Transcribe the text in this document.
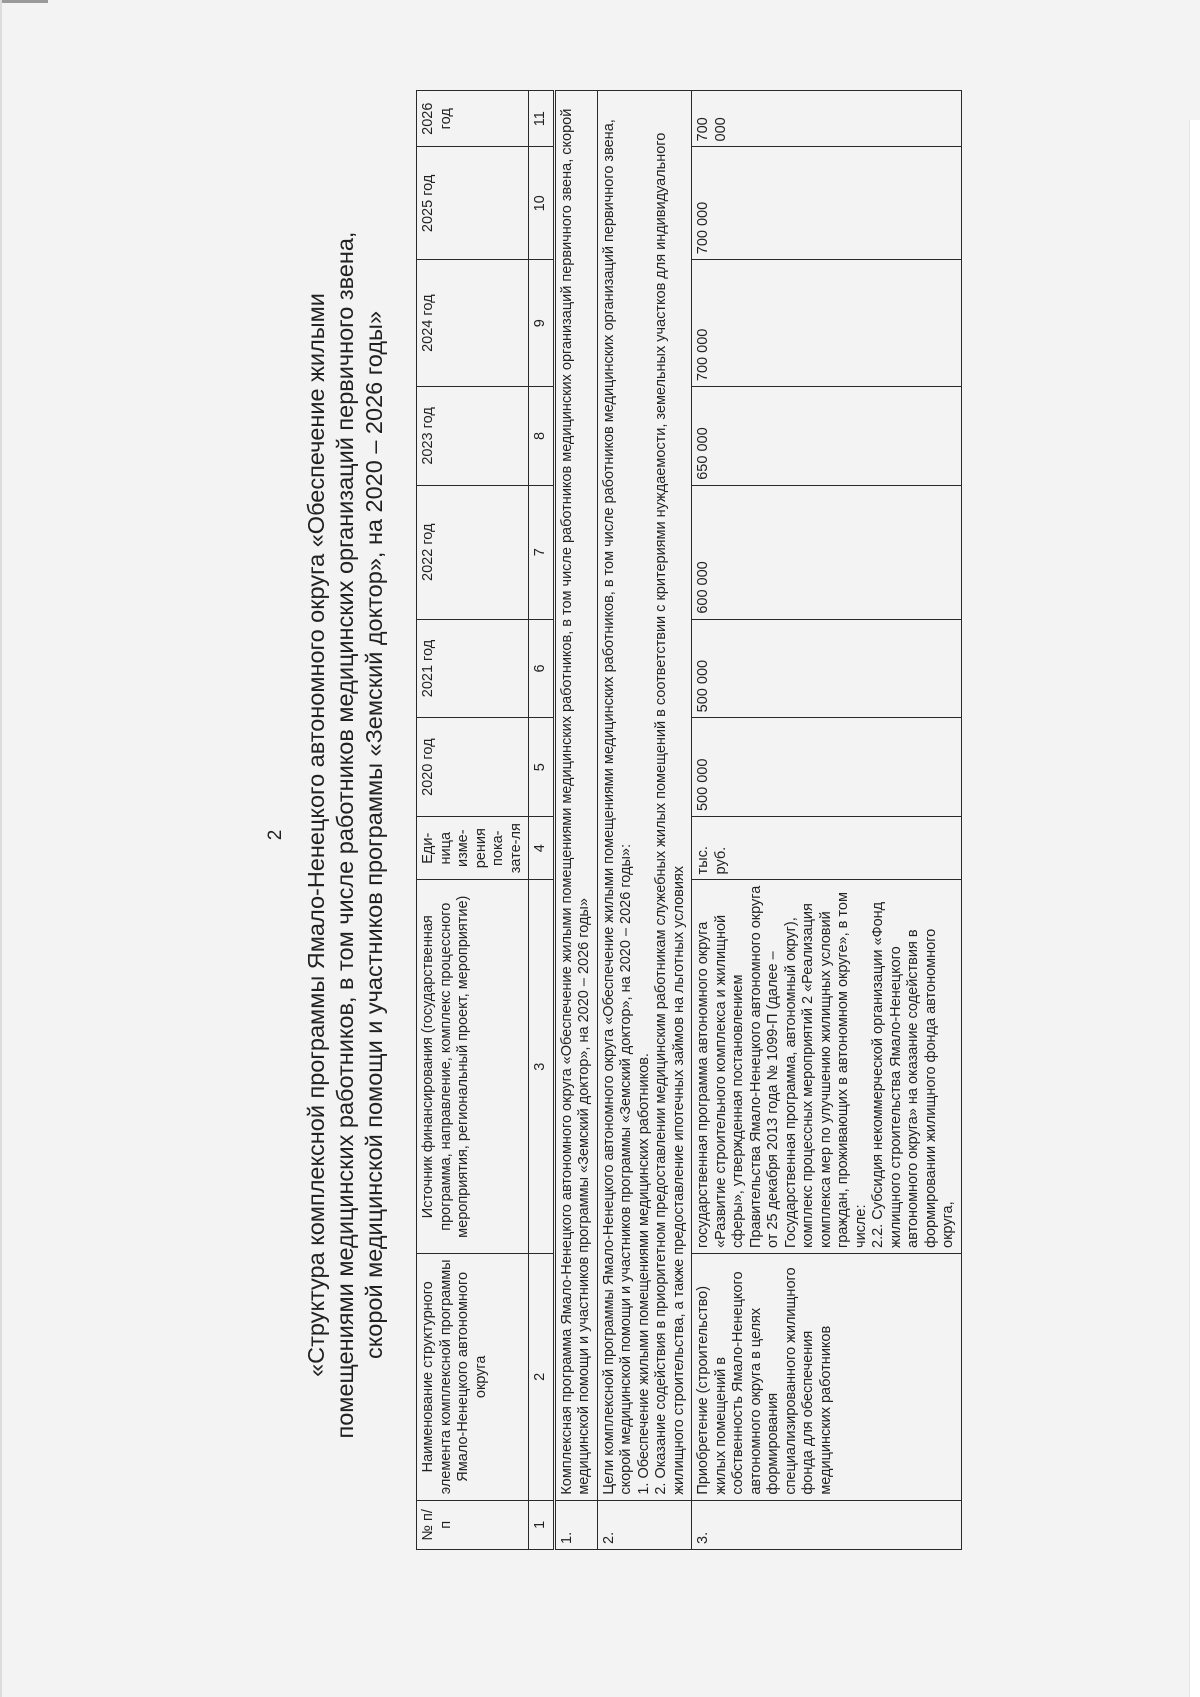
2 «Структура комплексной программы Ямало-Ненецкого автономного округа «Обеспечение жилыми помещениями медицинских работников, в том числе работников медицинских организаций первичного звена, скорой медицинской помощи и участников программы «Земский доктор», на 2020 – 2026 годы»
№ п/п	Наименование структурного элемента комплексной программы Ямало-Ненецкого автономного округа	Источник финансирования (государственная программа, направление, комплекс процессного мероприятия, региональный проект, мероприятие)	Еди-ница изме-рения пока-зате-ля	2020 год	2021 год	2022 год	2023 год	2024 год	2025 год	2026 год
1	2	3	4	5	6	7	8	9	10	11
1.	Комплексная программа Ямало-Ненецкого автономного округа «Обеспечение жилыми помещениями медицинских работников, в том числе работников медицинских организаций первичного звена, скорой медицинской помощи и участников программы «Земский доктор», на 2020 – 2026 годы»									
2.	Цели комплексной программы Ямало-Ненецкого автономного округа «Обеспечение жилыми помещениями медицинских работников, в том числе работников медицинских организаций первичного звена, скорой медицинской помощи и участников программы «Земский доктор», на 2020 – 2026 годы»: 1. Обеспечение жилыми помещениями медицинских работников. 2. Оказание содействия в приоритетном предоставлении медицинским работникам служебных жилых помещений в соответствии с критериями нуждаемости, земельных участков для индивидуального жилищного строительства, а также предоставление ипотечных займов на льготных условиях									

3.	Приобретение (строительство) жилых помещений в собственность Ямало-Ненецкого автономного округа в целях формирования специализированного жилищного фонда для обеспечения медицинских работников	государственная программа автономного округа «Развитие строительного комплекса и жилищной сферы», утвержденная постановлением Правительства Ямало-Ненецкого автономного округа от 25 декабря 2013 года № 1099-П (далее – Государственная программа, автономный округ), комплекс процессных мероприятий 2 «Реализация комплекса мер по улучшению жилищных условий граждан, проживающих в автономном округе», в том числе: 2.2. Субсидия некоммерческой организации «Фонд жилищного строительства Ямало-Ненецкого автономного округа» на оказание содействия в формировании жилищного фонда автономного округа,	тыс. руб.	500 000	500 000	600 000	650 000	700 000	700 000	700 000
